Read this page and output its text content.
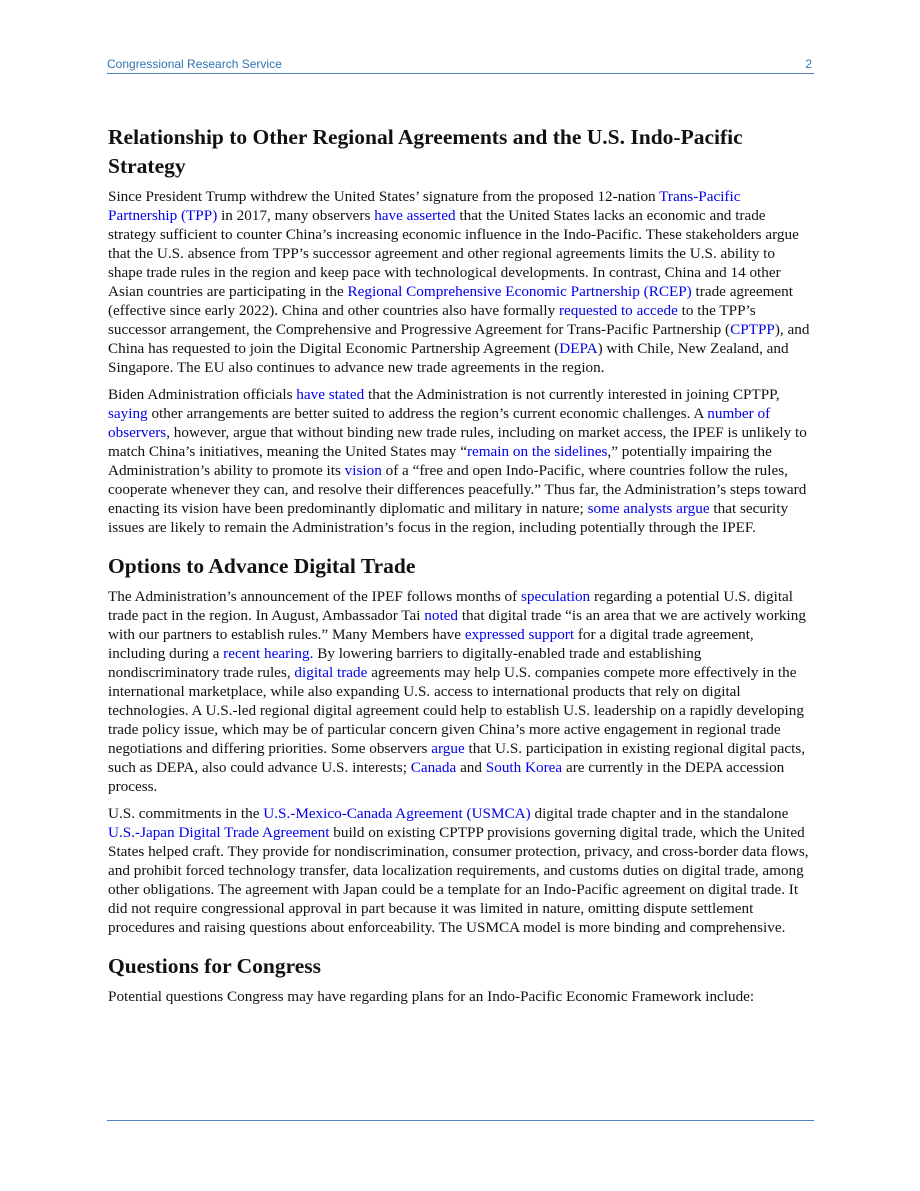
Congressional Research Service	2
Relationship to Other Regional Agreements and the U.S. Indo-Pacific Strategy

Since President Trump withdrew the United States’ signature from the proposed 12-nation Trans-Pacific Partnership (TPP) in 2017, many observers have asserted that the United States lacks an economic and trade strategy sufficient to counter China’s increasing economic influence in the Indo-Pacific. These stakeholders argue that the U.S. absence from TPP’s successor agreement and other regional agreements limits the U.S. ability to shape trade rules in the region and keep pace with technological developments. In contrast, China and 14 other Asian countries are participating in the Regional Comprehensive Economic Partnership (RCEP) trade agreement (effective since early 2022). China and other countries also have formally requested to accede to the TPP’s successor arrangement, the Comprehensive and Progressive Agreement for Trans-Pacific Partnership (CPTPP), and China has requested to join the Digital Economic Partnership Agreement (DEPA) with Chile, New Zealand, and Singapore. The EU also continues to advance new trade agreements in the region.

Biden Administration officials have stated that the Administration is not currently interested in joining CPTPP, saying other arrangements are better suited to address the region’s current economic challenges. A number of observers, however, argue that without binding new trade rules, including on market access, the IPEF is unlikely to match China’s initiatives, meaning the United States may “remain on the sidelines,” potentially impairing the Administration’s ability to promote its vision of a “free and open Indo-Pacific, where countries follow the rules, cooperate whenever they can, and resolve their differences peacefully.” Thus far, the Administration’s steps toward enacting its vision have been predominantly diplomatic and military in nature; some analysts argue that security issues are likely to remain the Administration’s focus in the region, including potentially through the IPEF.

Options to Advance Digital Trade

The Administration’s announcement of the IPEF follows months of speculation regarding a potential U.S. digital trade pact in the region. In August, Ambassador Tai noted that digital trade “is an area that we are actively working with our partners to establish rules.” Many Members have expressed support for a digital trade agreement, including during a recent hearing. By lowering barriers to digitally-enabled trade and establishing nondiscriminatory trade rules, digital trade agreements may help U.S. companies compete more effectively in the international marketplace, while also expanding U.S. access to international products that rely on digital technologies. A U.S.-led regional digital agreement could help to establish U.S. leadership on a rapidly developing trade policy issue, which may be of particular concern given China’s more active engagement in regional trade negotiations and differing priorities. Some observers argue that U.S. participation in existing regional digital pacts, such as DEPA, also could advance U.S. interests; Canada and South Korea are currently in the DEPA accession process.

U.S. commitments in the U.S.-Mexico-Canada Agreement (USMCA) digital trade chapter and in the standalone U.S.-Japan Digital Trade Agreement build on existing CPTPP provisions governing digital trade, which the United States helped craft. They provide for nondiscrimination, consumer protection, privacy, and cross-border data flows, and prohibit forced technology transfer, data localization requirements, and customs duties on digital trade, among other obligations. The agreement with Japan could be a template for an Indo-Pacific agreement on digital trade. It did not require congressional approval in part because it was limited in nature, omitting dispute settlement procedures and raising questions about enforceability. The USMCA model is more binding and comprehensive.

Questions for Congress

Potential questions Congress may have regarding plans for an Indo-Pacific Economic Framework include:
